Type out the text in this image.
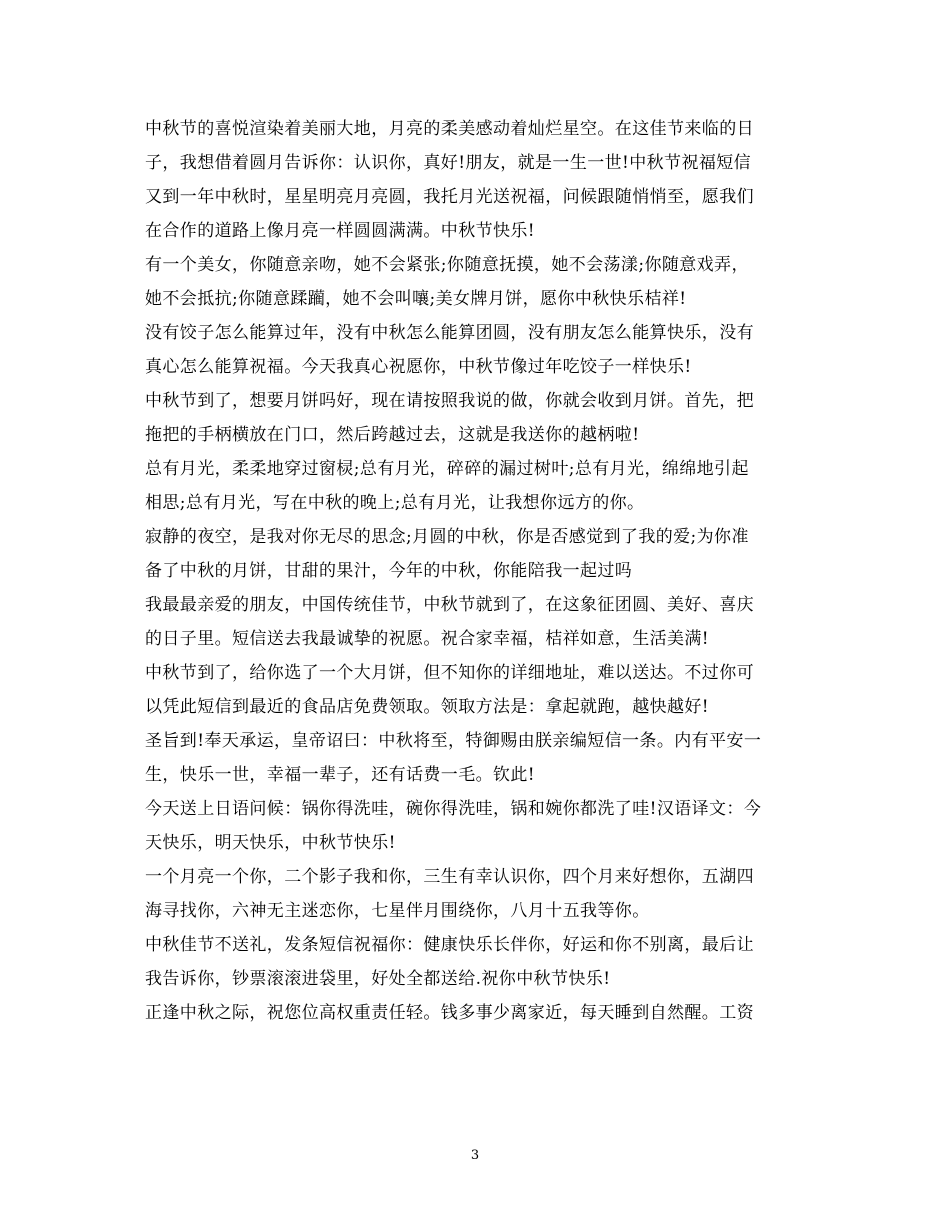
中秋节的喜悦渲染着美丽大地，月亮的柔美感动着灿烂星空。在这佳节来临的日
子，我想借着圆月告诉你：认识你，真好!朋友，就是一生一世!中秋节祝福短信
又到一年中秋时，星星明亮月亮圆，我托月光送祝福，问候跟随悄悄至，愿我们
在合作的道路上像月亮一样圆圆满满。中秋节快乐!
有一个美女，你随意亲吻，她不会紧张;你随意抚摸，她不会荡漾;你随意戏弄，
她不会抵抗;你随意蹂躏，她不会叫嚷;美女牌月饼，愿你中秋快乐桔祥!
没有饺子怎么能算过年，没有中秋怎么能算团圆，没有朋友怎么能算快乐，没有
真心怎么能算祝福。今天我真心祝愿你，中秋节像过年吃饺子一样快乐!
中秋节到了，想要月饼吗好，现在请按照我说的做，你就会收到月饼。首先，把
拖把的手柄横放在门口，然后跨越过去，这就是我送你的越柄啦!
总有月光，柔柔地穿过窗棂;总有月光，碎碎的漏过树叶;总有月光，绵绵地引起
相思;总有月光，写在中秋的晚上;总有月光，让我想你远方的你。
寂静的夜空，是我对你无尽的思念;月圆的中秋，你是否感觉到了我的爱;为你准
备了中秋的月饼，甘甜的果汁，今年的中秋，你能陪我一起过吗
我最最亲爱的朋友，中国传统佳节，中秋节就到了，在这象征团圆、美好、喜庆
的日子里。短信送去我最诚挚的祝愿。祝合家幸福，桔祥如意，生活美满!
中秋节到了，给你选了一个大月饼，但不知你的详细地址，难以送达。不过你可
以凭此短信到最近的食品店免费领取。领取方法是：拿起就跑，越快越好!
圣旨到!奉天承运，皇帝诏曰：中秋将至，特御赐由朕亲编短信一条。内有平安一
生，快乐一世，幸福一辈子，还有话费一毛。钦此!
今天送上日语问候：锅你得洗哇，碗你得洗哇，锅和婉你都洗了哇!汉语译文：今
天快乐，明天快乐，中秋节快乐!
一个月亮一个你，二个影子我和你，三生有幸认识你，四个月来好想你，五湖四
海寻找你，六神无主迷恋你，七星伴月围绕你，八月十五我等你。
中秋佳节不送礼，发条短信祝福你：健康快乐长伴你，好运和你不别离，最后让
我告诉你，钞票滚滚进袋里，好处全都送给.祝你中秋节快乐!
正逢中秋之际，祝您位高权重责任轻。钱多事少离家近，每天睡到自然醒。工资
3
